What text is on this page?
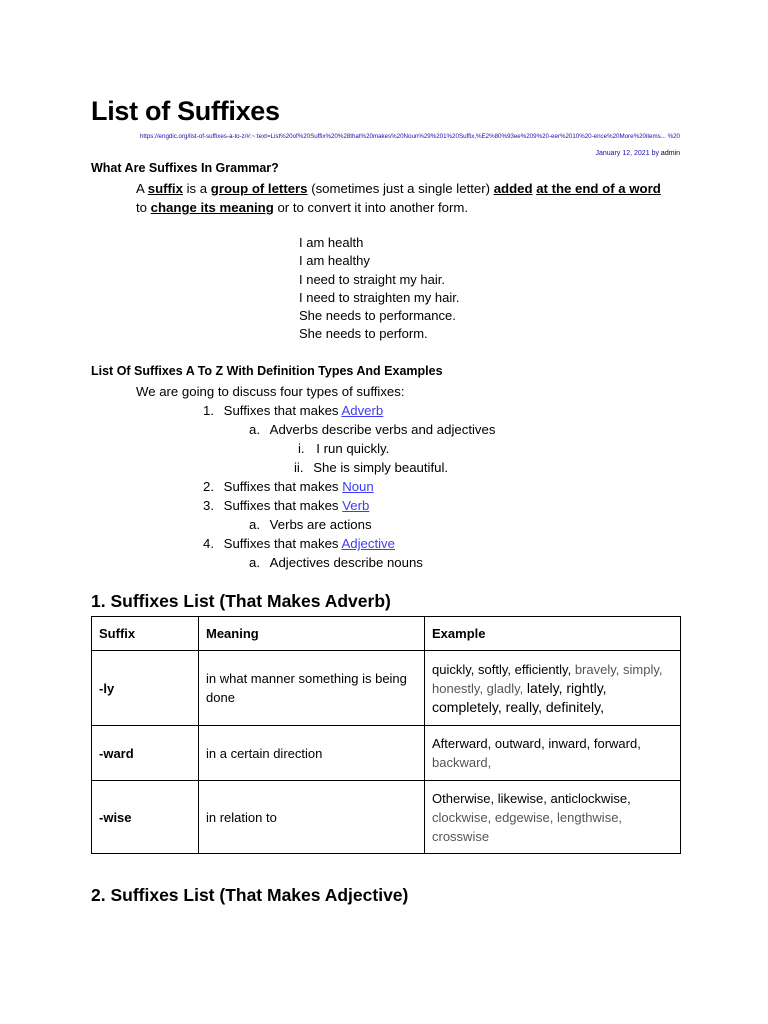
List of Suffixes
https://engdic.org/list-of-suffixes-a-to-z/#:~:text=List%20of%20Suffix%20%28that%20makes%20Noun%29%201%20Suffix,%E2%80%93ee%209%20-eer%2010%20-ence%20More%20items... %20
January 12, 2021 by admin
What Are Suffixes In Grammar?
A suffix is a group of letters (sometimes just a single letter) added at the end of a word
to change its meaning or to convert it into another form.
I am health
I am healthy
I need to straight my hair.
I need to straighten my hair.
She needs to performance.
She needs to perform.
List Of Suffixes A To Z With Definition Types And Examples
We are going to discuss four types of suffixes:
1. Suffixes that makes Adverb
a. Adverbs describe verbs and adjectives
i. I run quickly.
ii. She is simply beautiful.
2. Suffixes that makes Noun
3. Suffixes that makes Verb
a. Verbs are actions
4. Suffixes that makes Adjective
a. Adjectives describe nouns
1. Suffixes List (That Makes Adverb)
Suffix	Meaning	Example
-ly	in what manner something is being done	quickly, softly, efficiently, bravely, simply, honestly, gladly, lately, rightly, completely, really, definitely,
-ward	in a certain direction	Afterward, outward, inward, forward, backward,
-wise	in relation to	Otherwise, likewise, anticlockwise, clockwise, edgewise, lengthwise, crosswise
2. Suffixes List (That Makes Adjective)
